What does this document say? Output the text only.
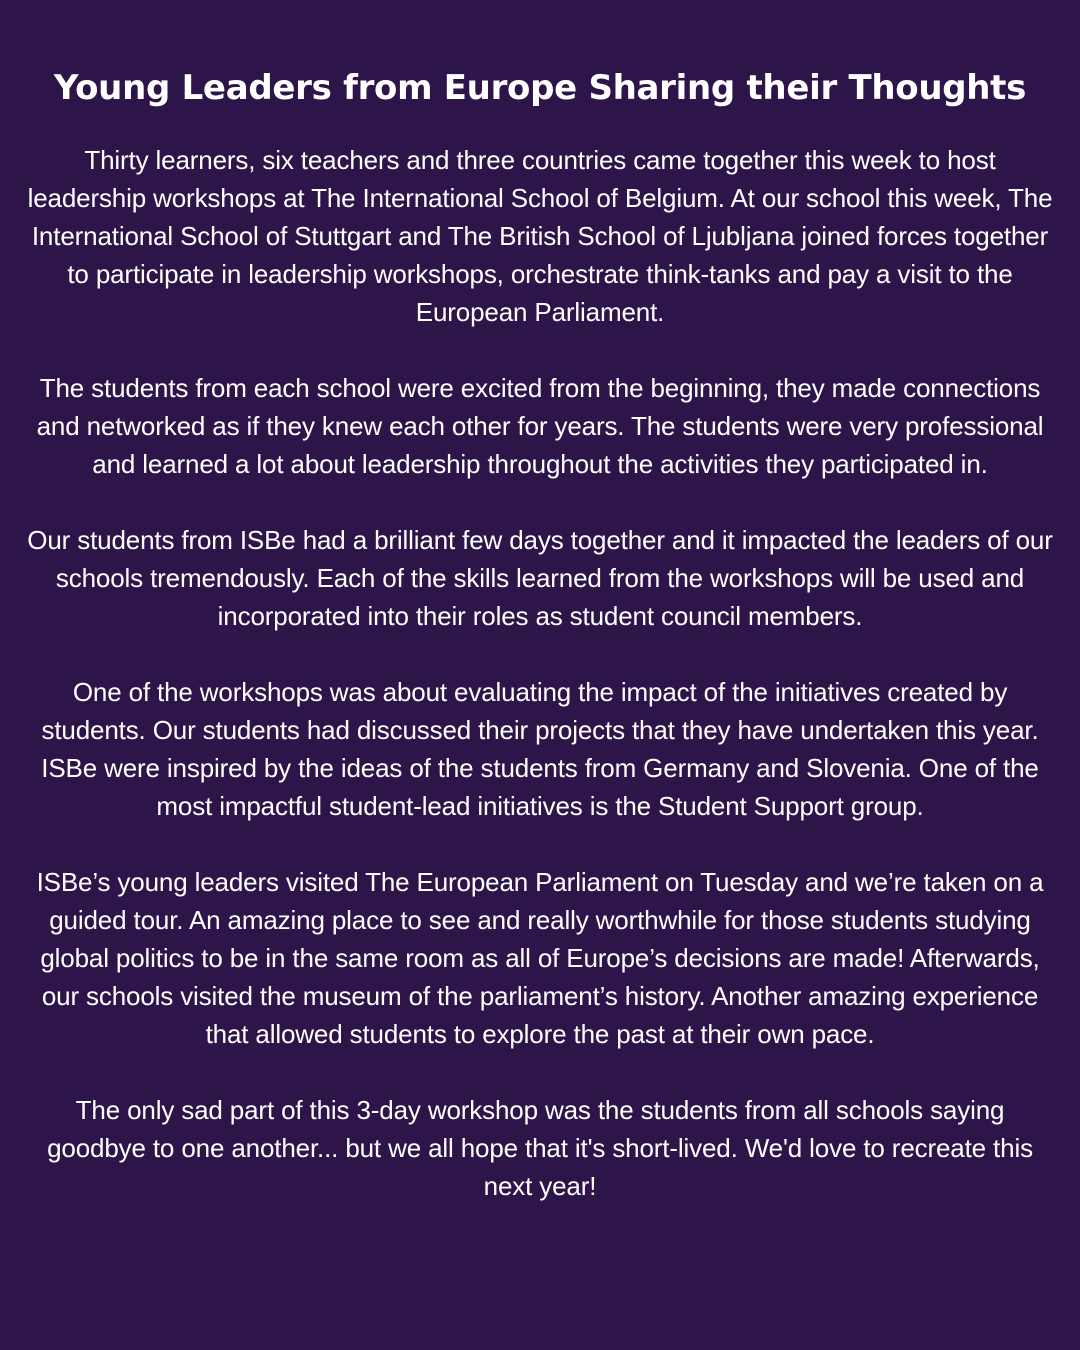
Young Leaders from Europe Sharing their Thoughts

Thirty learners, six teachers and three countries came together this week to host leadership workshops at The International School of Belgium. At our school this week, The International School of Stuttgart and The British School of Ljubljana joined forces together to participate in leadership workshops, orchestrate think-tanks and pay a visit to the European Parliament.

The students from each school were excited from the beginning, they made connections and networked as if they knew each other for years. The students were very professional and learned a lot about leadership throughout the activities they participated in.

Our students from ISBe had a brilliant few days together and it impacted the leaders of our schools tremendously. Each of the skills learned from the workshops will be used and incorporated into their roles as student council members.

One of the workshops was about evaluating the impact of the initiatives created by students. Our students had discussed their projects that they have undertaken this year. ISBe were inspired by the ideas of the students from Germany and Slovenia. One of the most impactful student-lead initiatives is the Student Support group.

ISBe’s young leaders visited The European Parliament on Tuesday and we’re taken on a guided tour. An amazing place to see and really worthwhile for those students studying global politics to be in the same room as all of Europe’s decisions are made! Afterwards, our schools visited the museum of the parliament’s history. Another amazing experience that allowed students to explore the past at their own pace.

The only sad part of this 3-day workshop was the students from all schools saying goodbye to one another... but we all hope that it's short-lived. We'd love to recreate this next year!
